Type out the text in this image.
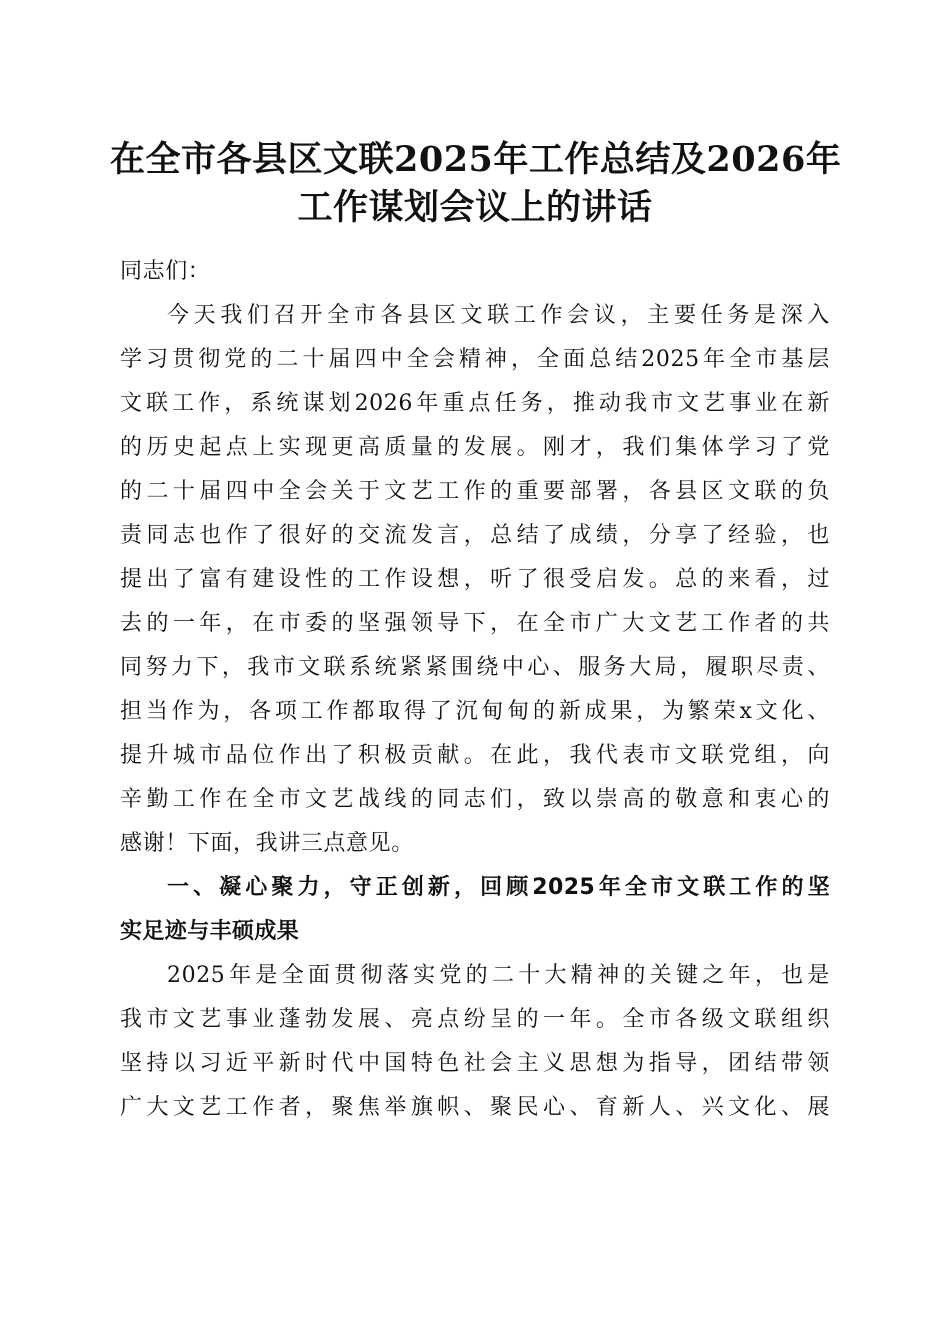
在全市各县区文联2025年工作总结及2026年
工作谋划会议上的讲话

同志们：

今天我们召开全市各县区文联工作会议，主要任务是深入
学习贯彻党的二十届四中全会精神，全面总结2025年全市基层
文联工作，系统谋划2026年重点任务，推动我市文艺事业在新
的历史起点上实现更高质量的发展。刚才，我们集体学习了党
的二十届四中全会关于文艺工作的重要部署，各县区文联的负
责同志也作了很好的交流发言，总结了成绩，分享了经验，也
提出了富有建设性的工作设想，听了很受启发。总的来看，过
去的一年，在市委的坚强领导下，在全市广大文艺工作者的共
同努力下，我市文联系统紧紧围绕中心、服务大局，履职尽责、
担当作为，各项工作都取得了沉甸甸的新成果，为繁荣x文化、
提升城市品位作出了积极贡献。在此，我代表市文联党组，向
辛勤工作在全市文艺战线的同志们，致以崇高的敬意和衷心的
感谢！下面，我讲三点意见。

一、凝心聚力，守正创新，回顾2025年全市文联工作的坚
实足迹与丰硕成果

2025年是全面贯彻落实党的二十大精神的关键之年，也是
我市文艺事业蓬勃发展、亮点纷呈的一年。全市各级文联组织
坚持以习近平新时代中国特色社会主义思想为指导，团结带领
广大文艺工作者，聚焦举旗帜、聚民心、育新人、兴文化、展
